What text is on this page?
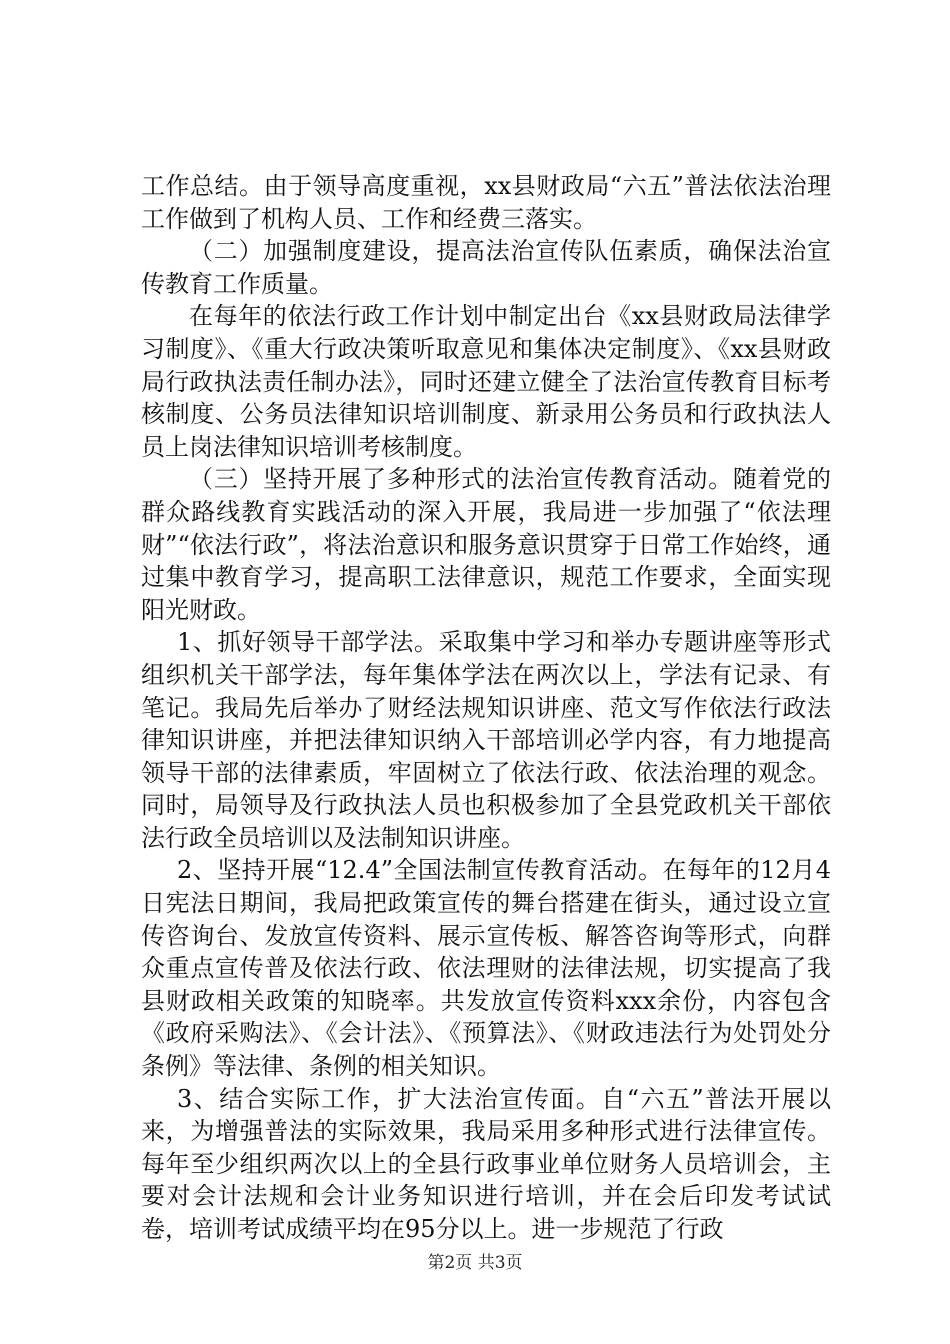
工作总结。由于领导高度重视，xx县财政局“六五”普法依法治理工作做到了机构人员、工作和经费三落实。

（二）加强制度建设，提高法治宣传队伍素质，确保法治宣传教育工作质量。

在每年的依法行政工作计划中制定出台《xx县财政局法律学习制度》、《重大行政决策听取意见和集体决定制度》、《xx县财政局行政执法责任制办法》，同时还建立健全了法治宣传教育目标考核制度、公务员法律知识培训制度、新录用公务员和行政执法人员上岗法律知识培训考核制度。

（三）坚持开展了多种形式的法治宣传教育活动。随着党的群众路线教育实践活动的深入开展，我局进一步加强了“依法理财”“依法行政”，将法治意识和服务意识贯穿于日常工作始终，通过集中教育学习，提高职工法律意识，规范工作要求，全面实现阳光财政。

1、抓好领导干部学法。采取集中学习和举办专题讲座等形式组织机关干部学法，每年集体学法在两次以上，学法有记录、有笔记。我局先后举办了财经法规知识讲座、范文写作依法行政法律知识讲座，并把法律知识纳入干部培训必学内容，有力地提高领导干部的法律素质，牢固树立了依法行政、依法治理的观念。同时，局领导及行政执法人员也积极参加了全县党政机关干部依法行政全员培训以及法制知识讲座。

2、坚持开展“12.4”全国法制宣传教育活动。在每年的12月4日宪法日期间，我局把政策宣传的舞台搭建在街头，通过设立宣传咨询台、发放宣传资料、展示宣传板、解答咨询等形式，向群众重点宣传普及依法行政、依法理财的法律法规，切实提高了我县财政相关政策的知晓率。共发放宣传资料xxx余份，内容包含《政府采购法》、《会计法》、《预算法》、《财政违法行为处罚处分条例》等法律、条例的相关知识。

3、结合实际工作，扩大法治宣传面。自“六五”普法开展以来，为增强普法的实际效果，我局采用多种形式进行法律宣传。每年至少组织两次以上的全县行政事业单位财务人员培训会，主要对会计法规和会计业务知识进行培训，并在会后印发考试试卷，培训考试成绩平均在95分以上。进一步规范了行政

第2页 共3页
